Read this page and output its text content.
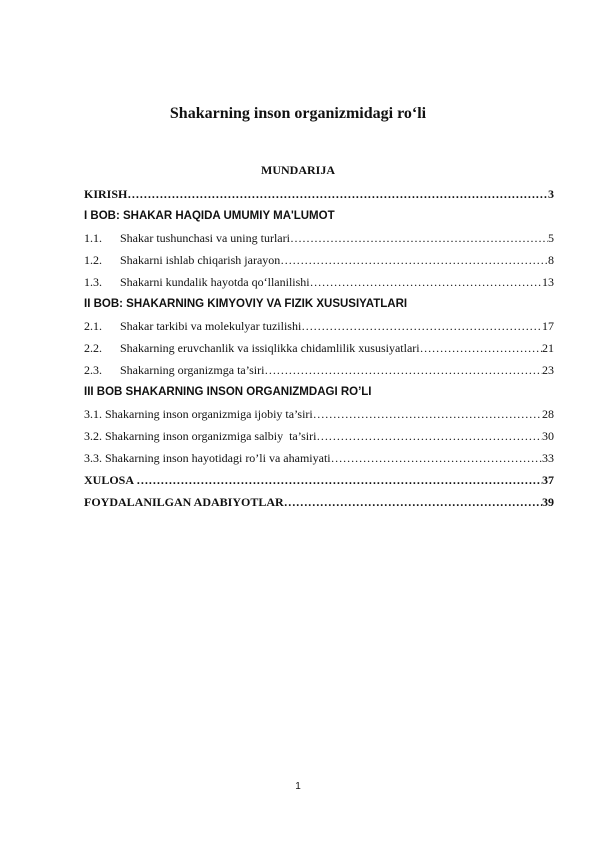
Shakarning inson organizmidagi ro‘li
MUNDARIJA
KIRISH ………………………………………………………………………………………………………………………………………………………	3
I BOB: SHAKAR HAQIDA UMUMIY MA'LUMOT
1.1.	Shakar tushunchasi va uning turlari ………………………………………………………………………………………………………………………………………………………	5
1.2.	Shakarni ishlab chiqarish jarayon ………………………………………………………………………………………………………………………………………………………	8
1.3.	Shakarni kundalik hayotda qo‘llanilishi ………………………………………………………………………………………………………………………………………………………	13
II BOB: SHAKARNING KIMYOVIY VA FIZIK XUSUSIYATLARI
2.1.	Shakar tarkibi va molekulyar tuzilishi ………………………………………………………………………………………………………………………………………………………	17
2.2.	Shakarning eruvchanlik va issiqlikka chidamlilik xususiyatlari ………………………………………………………………………………………………………………………………………………………	21
2.3.	Shakarning organizmga ta’siri ………………………………………………………………………………………………………………………………………………………	23
III BOB SHAKARNING INSON ORGANIZMDAGI RO’LI
3.1. Shakarning inson organizmiga ijobiy ta’siri ………………………………………………………………………………………………………………………………………………………	28
3.2. Shakarning inson organizmiga salbiy  ta’siri ………………………………………………………………………………………………………………………………………………………	30
3.3. Shakarning inson hayotidagi ro’li va ahamiyati ………………………………………………………………………………………………………………………………………………………	33
XULOSA ………………………………………………………………………………………………………………………………………………………	37
FOYDALANILGAN ADABIYOTLAR ………………………………………………………………………………………………………………………………………………………	39
1
